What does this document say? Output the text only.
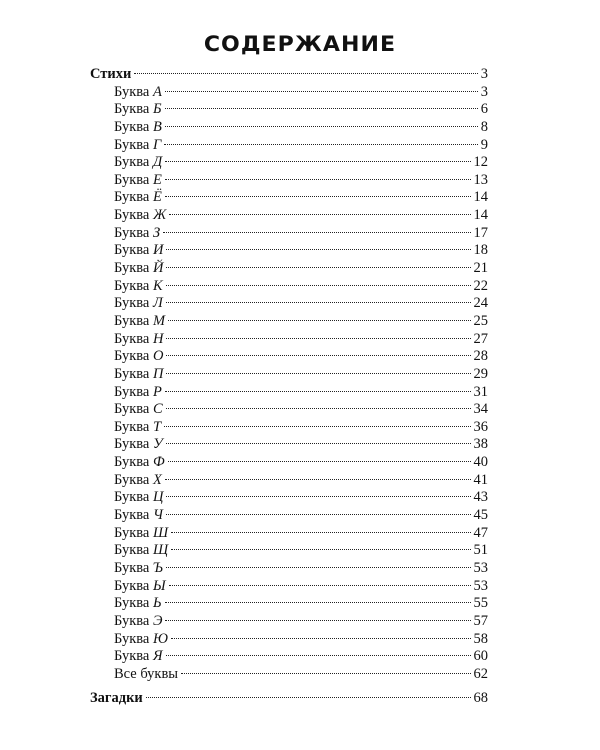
СОДЕРЖАНИЕ
Стихи	3
Буква А	3
Буква Б	6
Буква В	8
Буква Г	9
Буква Д	12
Буква Е	13
Буква Ё	14
Буква Ж	14
Буква З	17
Буква И	18
Буква Й	21
Буква К	22
Буква Л	24
Буква М	25
Буква Н	27
Буква О	28
Буква П	29
Буква Р	31
Буква С	34
Буква Т	36
Буква У	38
Буква Ф	40
Буква Х	41
Буква Ц	43
Буква Ч	45
Буква Ш	47
Буква Щ	51
Буква Ъ	53
Буква Ы	53
Буква Ь	55
Буква Э	57
Буква Ю	58
Буква Я	60
Все буквы	62
Загадки	68
